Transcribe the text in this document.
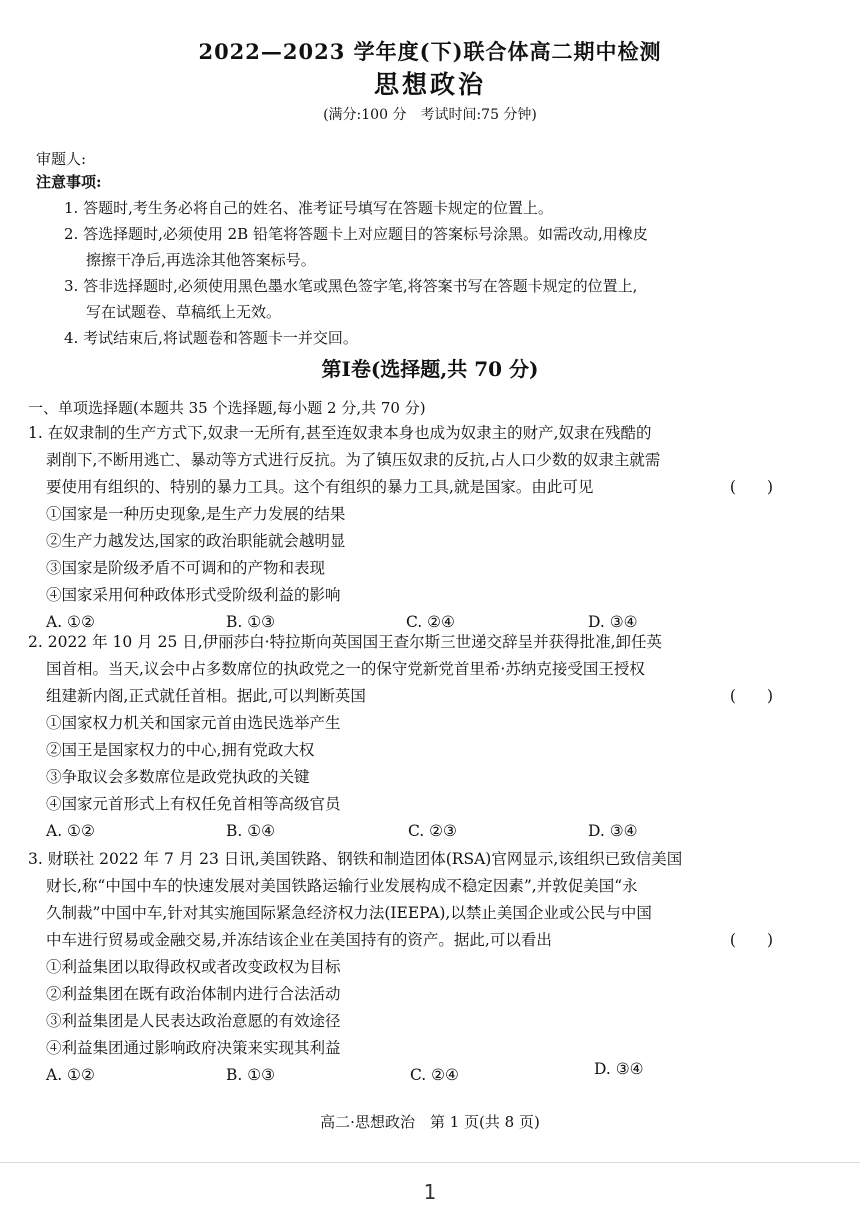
2022—2023 学年度(下)联合体高二期中检测
思想政治
(满分:100 分　考试时间:75 分钟)
审题人:
注意事项:
1. 答题时,考生务必将自己的姓名、准考证号填写在答题卡规定的位置上。
2. 答选择题时,必须使用 2B 铅笔将答题卡上对应题目的答案标号涂黑。如需改动,用橡皮
擦擦干净后,再选涂其他答案标号。
3. 答非选择题时,必须使用黑色墨水笔或黑色签字笔,将答案书写在答题卡规定的位置上,
写在试题卷、草稿纸上无效。
4. 考试结束后,将试题卷和答题卡一并交回。
第Ⅰ卷(选择题,共 70 分)
一、单项选择题(本题共 35 个选择题,每小题 2 分,共 70 分)
1. 在奴隶制的生产方式下,奴隶一无所有,甚至连奴隶本身也成为奴隶主的财产,奴隶在残酷的
剥削下,不断用逃亡、暴动等方式进行反抗。为了镇压奴隶的反抗,占人口少数的奴隶主就需
要使用有组织的、特别的暴力工具。这个有组织的暴力工具,就是国家。由此可见	(　　)
①国家是一种历史现象,是生产力发展的结果
②生产力越发达,国家的政治职能就会越明显
③国家是阶级矛盾不可调和的产物和表现
④国家采用何种政体形式受阶级利益的影响
A. ①②	B. ①③	C. ②④	D. ③④
2. 2022 年 10 月 25 日,伊丽莎白·特拉斯向英国国王查尔斯三世递交辞呈并获得批准,卸任英
国首相。当天,议会中占多数席位的执政党之一的保守党新党首里希·苏纳克接受国王授权
组建新内阁,正式就任首相。据此,可以判断英国	(　　)
①国家权力机关和国家元首由选民选举产生
②国王是国家权力的中心,拥有党政大权
③争取议会多数席位是政党执政的关键
④国家元首形式上有权任免首相等高级官员
A. ①②	B. ①④	C. ②③	D. ③④
3. 财联社 2022 年 7 月 23 日讯,美国铁路、钢铁和制造团体(RSA)官网显示,该组织已致信美国
财长,称“中国中车的快速发展对美国铁路运输行业发展构成不稳定因素”,并敦促美国“永
久制裁”中国中车,针对其实施国际紧急经济权力法(IEEPA),以禁止美国企业或公民与中国
中车进行贸易或金融交易,并冻结该企业在美国持有的资产。据此,可以看出	(　　)
①利益集团以取得政权或者改变政权为目标
②利益集团在既有政治体制内进行合法活动
③利益集团是人民表达政治意愿的有效途径
④利益集团通过影响政府决策来实现其利益
A. ①②	B. ①③	C. ②④	D. ③④
高二·思想政治　第 1 页(共 8 页)
1
